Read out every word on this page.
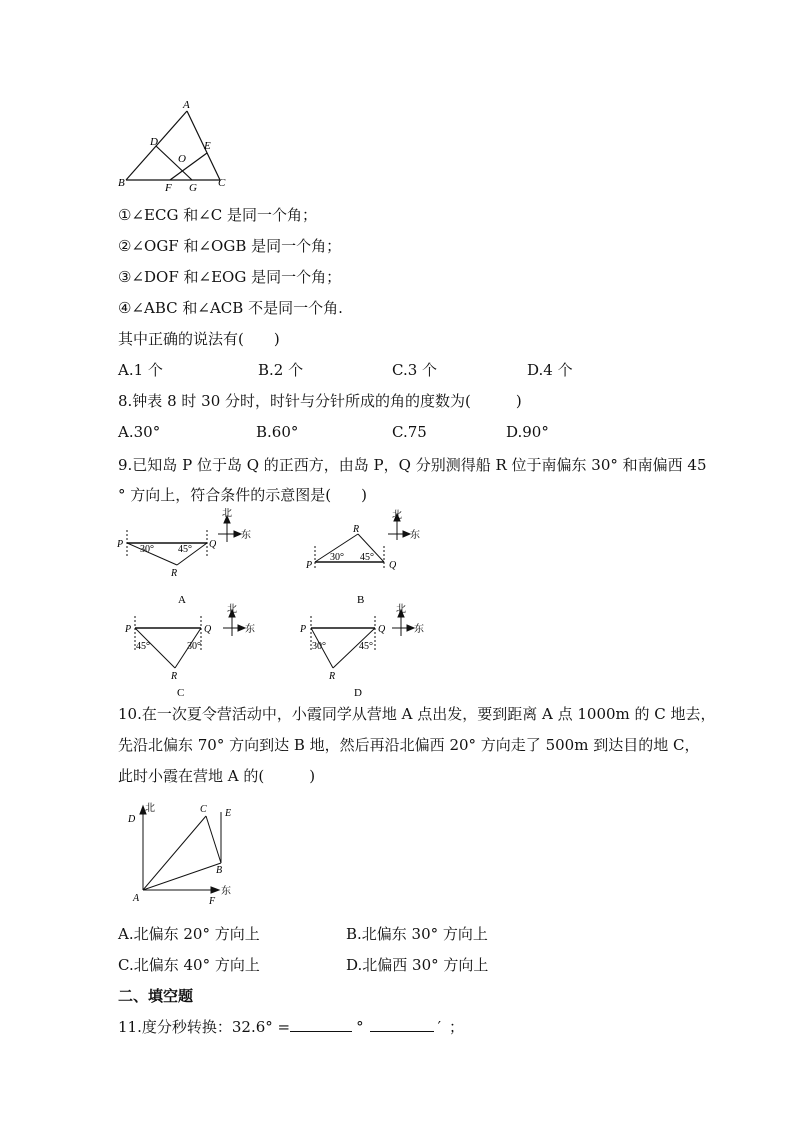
A
D	E
O
B	F G C
①∠ECG 和∠C 是同一个角；
②∠OGF 和∠OGB 是同一个角；
③∠DOF 和∠EOG 是同一个角；
④∠ABC 和∠ACB 不是同一个角.
其中正确的说法有(　　)
A.1 个	B.2 个	C.3 个	D.4 个
8.钟表 8 时 30 分时，时针与分针所成的角的度数为(　　　)
A.30°	B.60°	C.75	D.90°
9.已知岛 P 位于岛 Q 的正西方，由岛 P，Q 分别测得船 R 位于南偏东 30° 和南偏西 45
° 方向上，符合条件的示意图是(　　)
北
东
P	Q
R
30° 45°
A
北
东
P	Q
R
30° 45°
B
北
东
P	Q
R
45°	30°
C
北
东
P	Q
R
30°	45°
D
10.在一次夏令营活动中，小霞同学从营地 A 点出发，要到距离 A 点 1000m 的 C 地去，
先沿北偏东 70° 方向到达 B 地，然后再沿北偏西 20° 方向走了 500m 到达目的地 C，
此时小霞在营地 A 的(　　　)
北
D
C E
B
A	F
东
A.北偏东 20° 方向上	B.北偏东 30° 方向上
C.北偏东 40° 方向上	D.北偏西 30° 方向上
二、填空题
11.度分秒转换：32.6° =	°	′ ；
